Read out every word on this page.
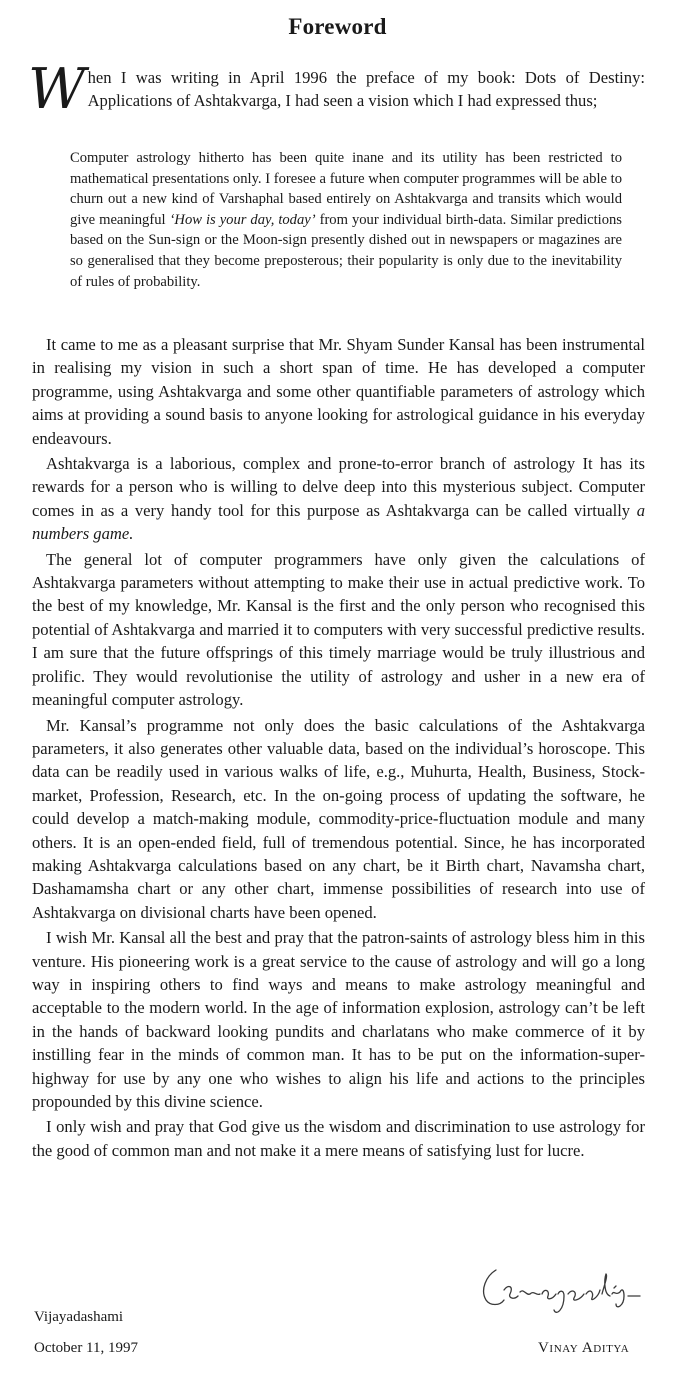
Foreword
When I was writing in April 1996 the preface of my book: Dots of Destiny: Applications of Ashtakvarga, I had seen a vision which I had expressed thus;
Computer astrology hitherto has been quite inane and its utility has been restricted to mathematical presentations only. I foresee a future when computer programmes will be able to churn out a new kind of Varshaphal based entirely on Ashtakvarga and transits which would give meaningful ‘How is your day, today’ from your individual birth-data. Similar predictions based on the Sun-sign or the Moon-sign presently dished out in newspapers or magazines are so generalised that they become preposterous; their popularity is only due to the inevitability of rules of probability.

It came to me as a pleasant surprise that Mr. Shyam Sunder Kansal has been instrumental in realising my vision in such a short span of time. He has developed a computer programme, using Ashtakvarga and some other quantifiable parameters of astrology which aims at providing a sound basis to anyone looking for astrological guidance in his everyday endeavours.

Ashtakvarga is a laborious, complex and prone-to-error branch of astrology It has its rewards for a person who is willing to delve deep into this mysterious subject. Computer comes in as a very handy tool for this purpose as Ashtakvarga can be called virtually a numbers game.

The general lot of computer programmers have only given the calculations of Ashtakvarga parameters without attempting to make their use in actual predictive work. To the best of my knowledge, Mr. Kansal is the first and the only person who recognised this potential of Ashtakvarga and married it to computers with very successful predictive results. I am sure that the future offsprings of this timely marriage would be truly illustrious and prolific. They would revolutionise the utility of astrology and usher in a new era of meaningful computer astrology.

Mr. Kansal’s programme not only does the basic calculations of the Ashtakvarga parameters, it also generates other valuable data, based on the individual’s horoscope. This data can be readily used in various walks of life, e.g., Muhurta, Health, Business, Stock-market, Profession, Research, etc. In the on-going process of updating the software, he could develop a match-making module, commodity-price-fluctuation module and many others. It is an open-ended field, full of tremendous potential. Since, he has incorporated making Ashtakvarga calculations based on any chart, be it Birth chart, Navamsha chart, Dashamamsha chart or any other chart, immense possibilities of research into use of Ashtakvarga on divisional charts have been opened.

I wish Mr. Kansal all the best and pray that the patron-saints of astrology bless him in this venture. His pioneering work is a great service to the cause of astrology and will go a long way in inspiring others to find ways and means to make astrology meaningful and acceptable to the modern world. In the age of information explosion, astrology can’t be left in the hands of backward looking pundits and charlatans who make commerce of it by instilling fear in the minds of common man. It has to be put on the information-super-highway for use by any one who wishes to align his life and actions to the principles propounded by this divine science.

I only wish and pray that God give us the wisdom and discrimination to use astrology for the good of common man and not make it a mere means of satisfying lust for lucre.

Vijayadashami
October 11, 1997	Vinay Aditya
